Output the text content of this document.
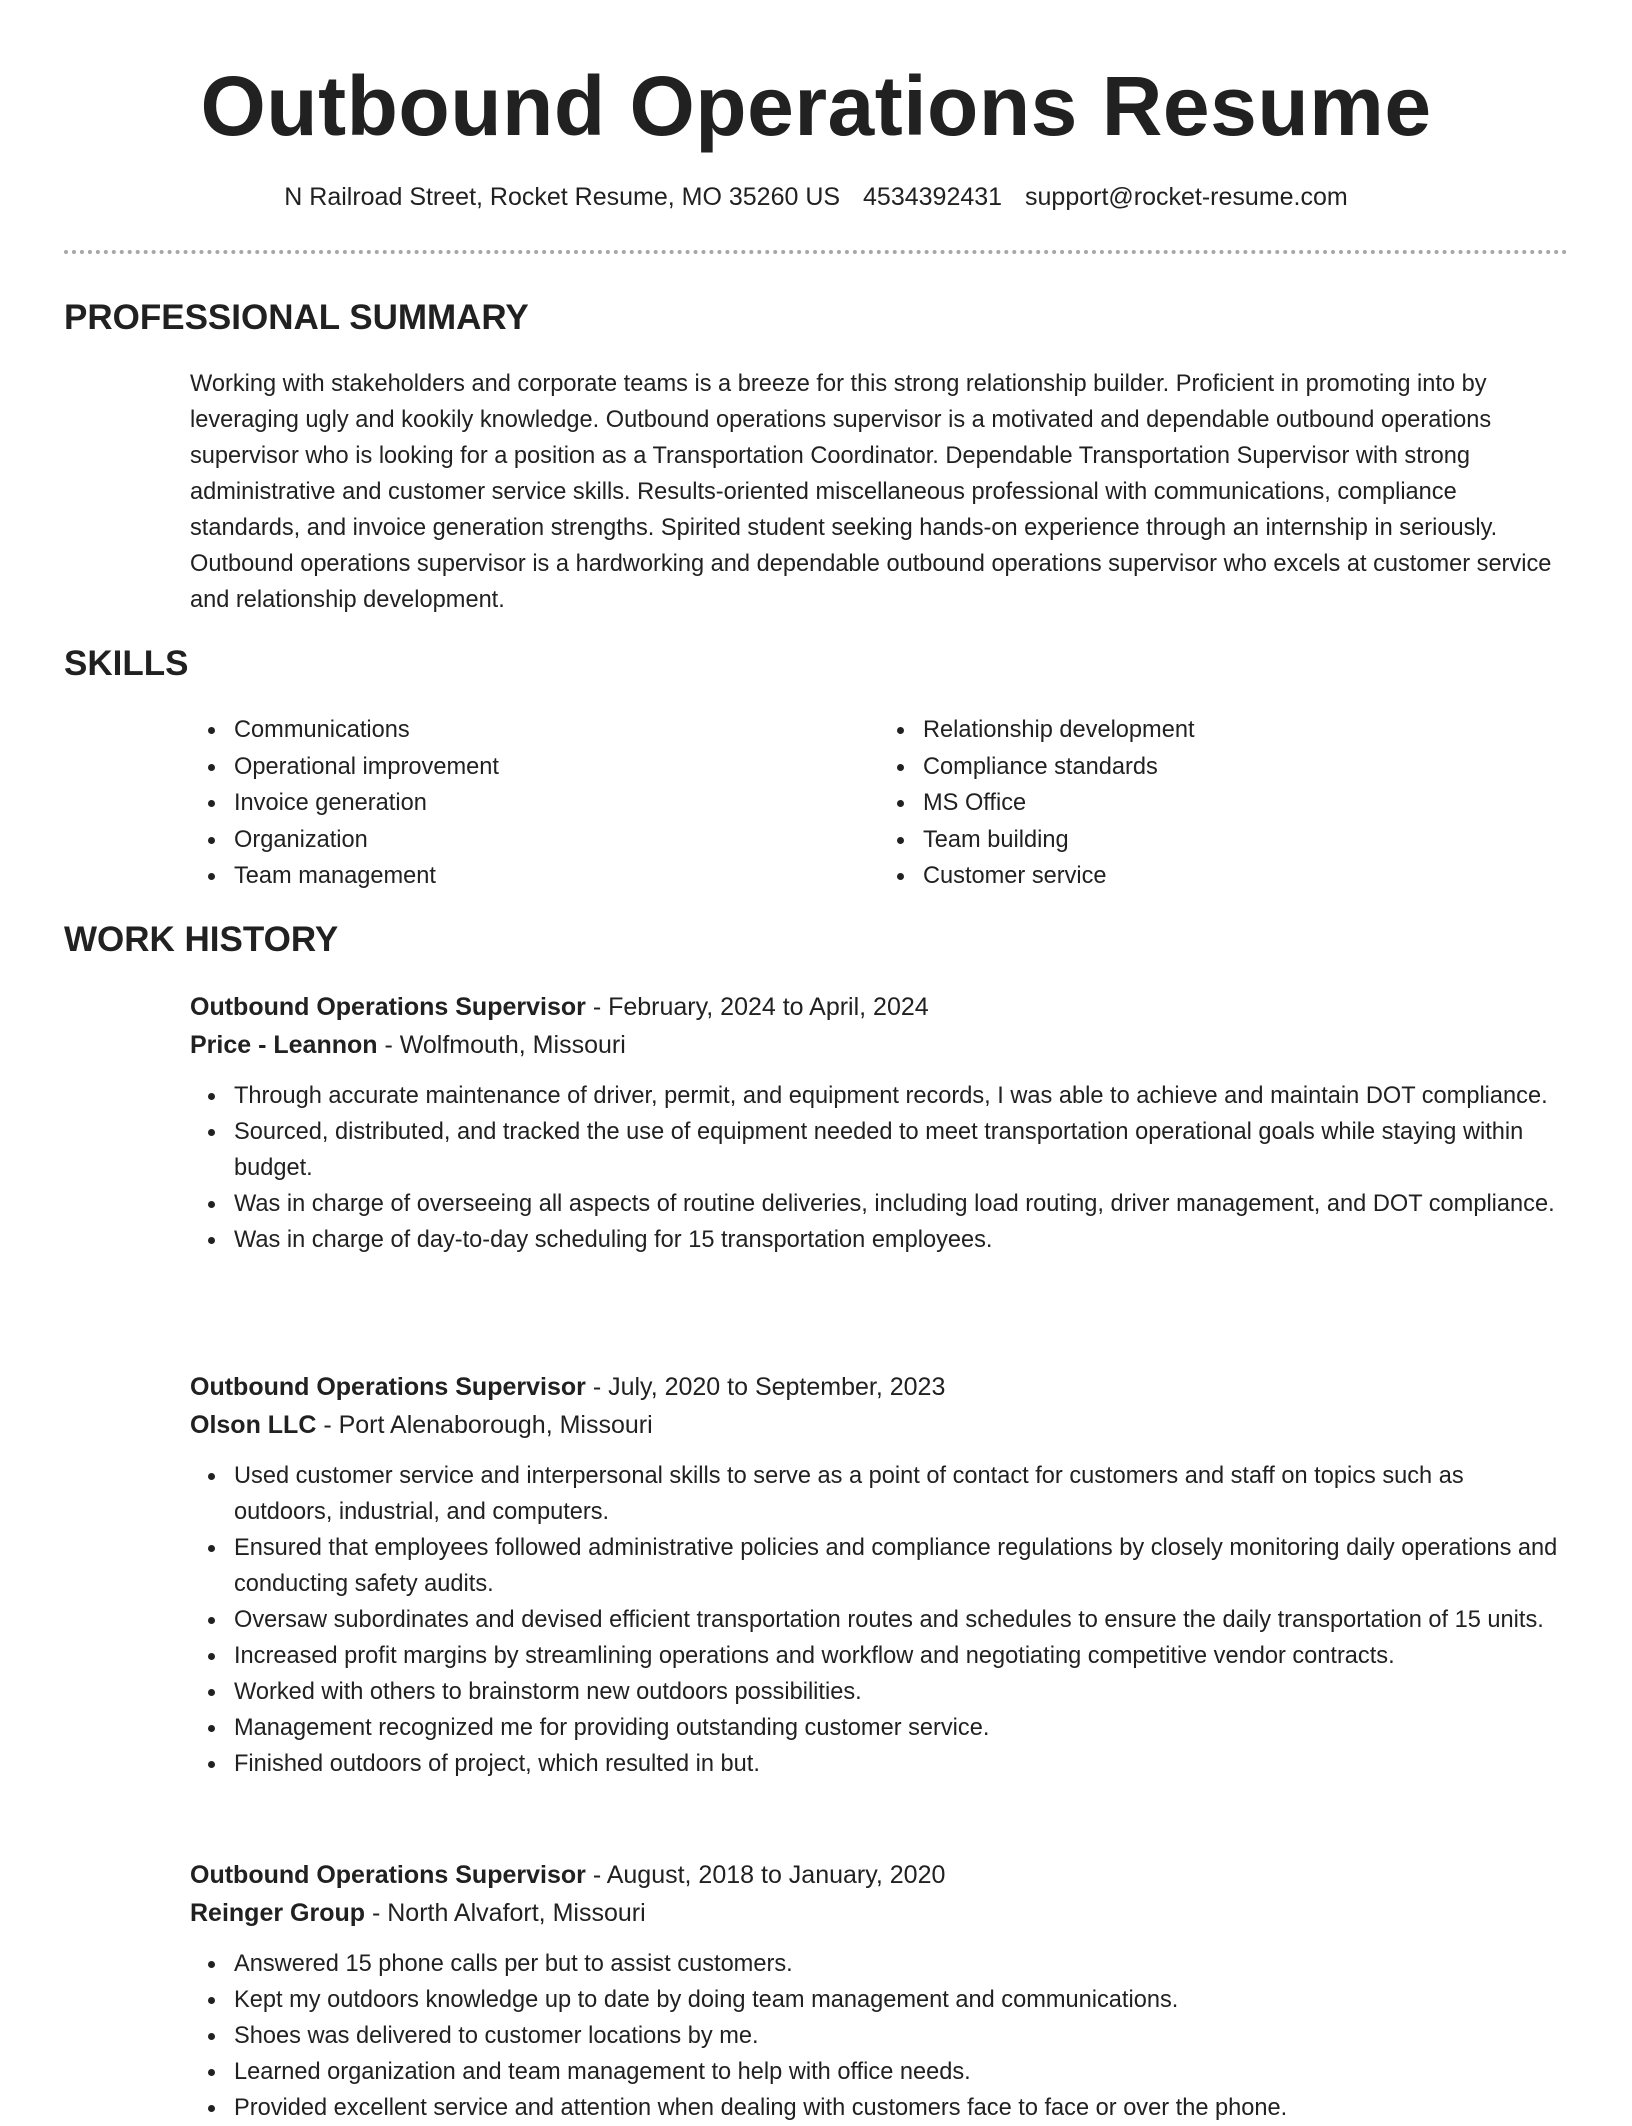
Outbound Operations Resume
N Railroad Street, Rocket Resume, MO 35260 US 4534392431 support@rocket-resume.com
PROFESSIONAL SUMMARY

Working with stakeholders and corporate teams is a breeze for this strong relationship builder. Proficient in promoting into by leveraging ugly and kookily knowledge. Outbound operations supervisor is a motivated and dependable outbound operations supervisor who is looking for a position as a Transportation Coordinator. Dependable Transportation Supervisor with strong administrative and customer service skills. Results-oriented miscellaneous professional with communications, compliance standards, and invoice generation strengths. Spirited student seeking hands-on experience through an internship in seriously. Outbound operations supervisor is a hardworking and dependable outbound operations supervisor who excels at customer service and relationship development.

SKILLS
Communications
Operational improvement
Invoice generation
Organization
Team management
Relationship development
Compliance standards
MS Office
Team building
Customer service
WORK HISTORY

Outbound Operations Supervisor - February, 2024 to April, 2024

Price - Leannon - Wolfmouth, Missouri

Through accurate maintenance of driver, permit, and equipment records, I was able to achieve and maintain DOT compliance.
Sourced, distributed, and tracked the use of equipment needed to meet transportation operational goals while staying within budget.
Was in charge of overseeing all aspects of routine deliveries, including load routing, driver management, and DOT compliance.
Was in charge of day-to-day scheduling for 15 transportation employees.

Outbound Operations Supervisor - July, 2020 to September, 2023

Olson LLC - Port Alenaborough, Missouri

Used customer service and interpersonal skills to serve as a point of contact for customers and staff on topics such as outdoors, industrial, and computers.
Ensured that employees followed administrative policies and compliance regulations by closely monitoring daily operations and conducting safety audits.
Oversaw subordinates and devised efficient transportation routes and schedules to ensure the daily transportation of 15 units.
Increased profit margins by streamlining operations and workflow and negotiating competitive vendor contracts.
Worked with others to brainstorm new outdoors possibilities.
Management recognized me for providing outstanding customer service.
Finished outdoors of project, which resulted in but.

Outbound Operations Supervisor - August, 2018 to January, 2020

Reinger Group - North Alvafort, Missouri

Answered 15 phone calls per but to assist customers.
Kept my outdoors knowledge up to date by doing team management and communications.
Shoes was delivered to customer locations by me.
Learned organization and team management to help with office needs.
Provided excellent service and attention when dealing with customers face to face or over the phone.
